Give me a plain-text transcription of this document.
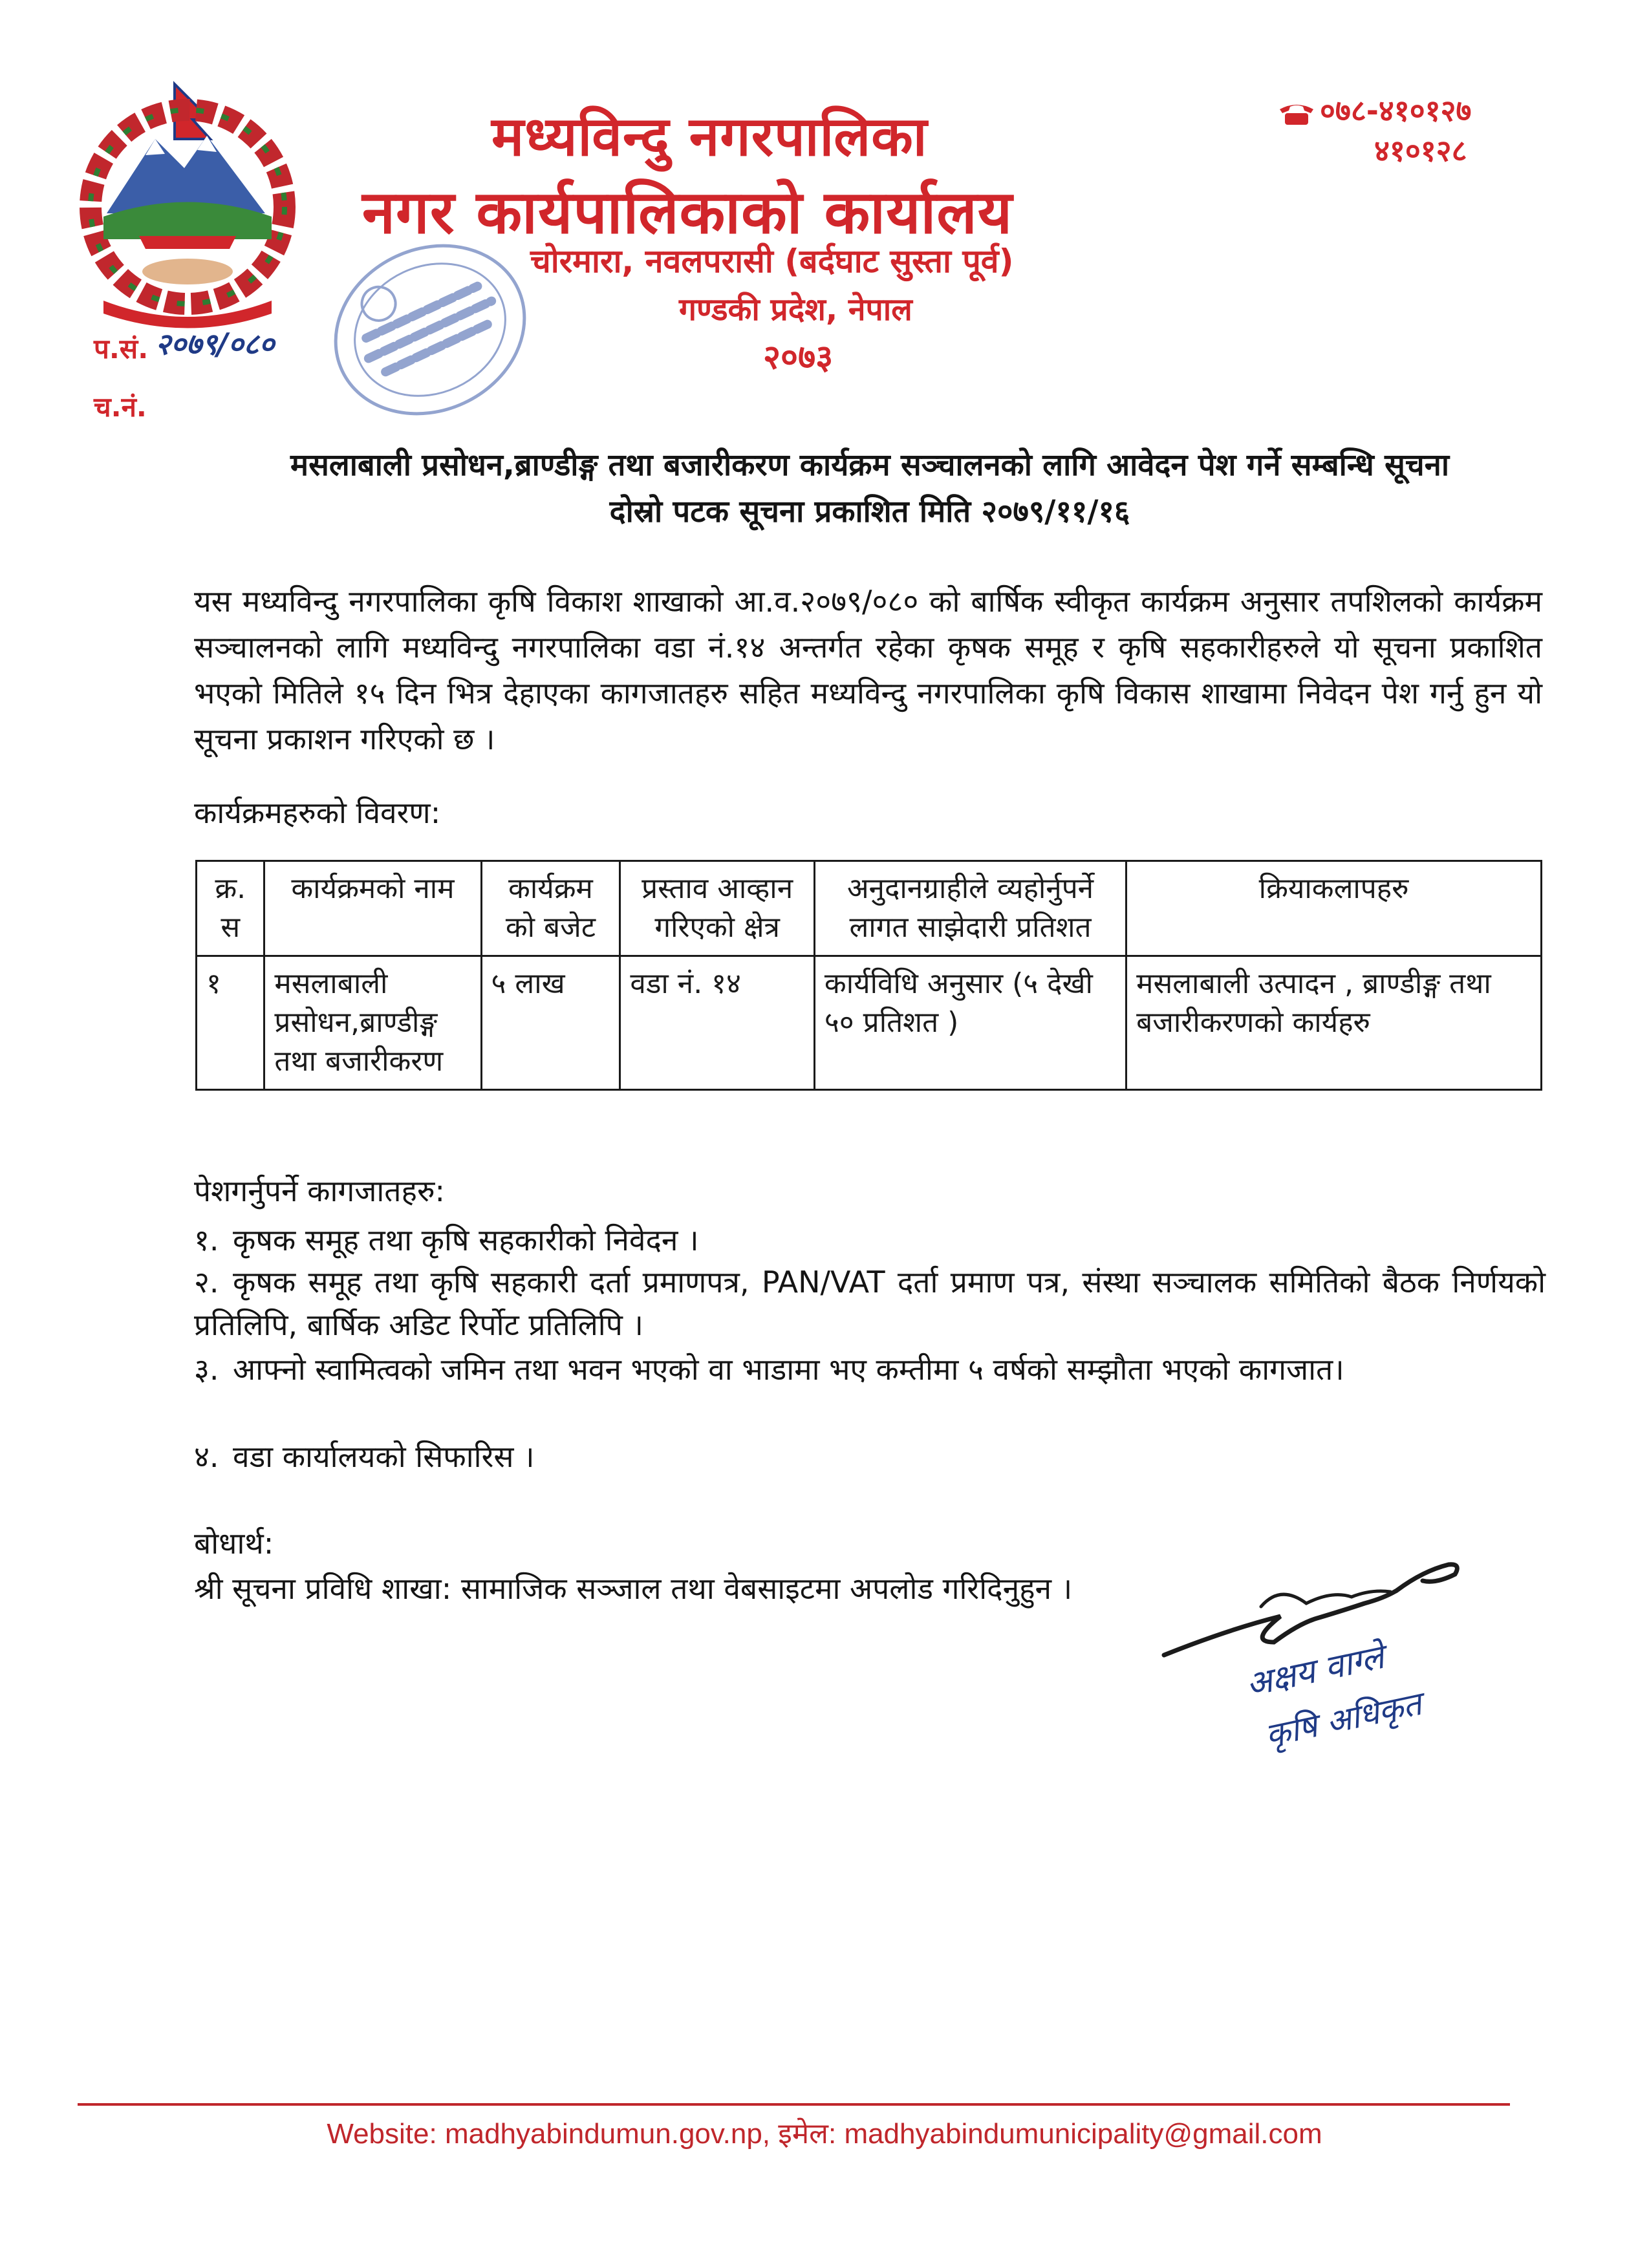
मध्यविन्दु नगरपालिका
नगर कार्यपालिकाको कार्यालय
चोरमारा, नवलपरासी (बर्दघाट सुस्ता पूर्व)
गण्डकी प्रदेश, नेपाल
२०७३
०७८-४१०१२७
४१०१२८
प.सं. २०७९/०८०
च.नं.
मसलाबाली प्रसोधन,ब्राण्डीङ्ग तथा बजारीकरण कार्यक्रम सञ्चालनको लागि आवेदन पेश गर्ने सम्बन्धि सूचना
दोस्रो पटक सूचना प्रकाशित मिति २०७९/११/१६
यस मध्यविन्दु नगरपालिका कृषि विकाश शाखाको आ.व.२०७९/०८० को बार्षिक स्वीकृत कार्यक्रम अनुसार तपशिलको कार्यक्रम सञ्चालनको लागि मध्यविन्दु नगरपालिका वडा नं.१४ अन्तर्गत रहेका कृषक समूह र कृषि सहकारीहरुले यो सूचना प्रकाशित भएको मितिले १५ दिन भित्र देहाएका कागजातहरु सहित मध्यविन्दु नगरपालिका कृषि विकास शाखामा निवेदन पेश गर्नु हुन यो सूचना प्रकाशन गरिएको छ ।
कार्यक्रमहरुको विवरण:
क्र. स	कार्यक्रमको नाम	कार्यक्रम को बजेट	प्रस्ताव आव्हान गरिएको क्षेत्र	अनुदानग्राहीले व्यहोर्नुपर्ने लागत साझेदारी प्रतिशत	क्रियाकलापहरु
१	मसलाबाली प्रसोधन,ब्राण्डीङ्ग तथा बजारीकरण	५ लाख	वडा नं. १४	कार्यविधि अनुसार (५ देखी ५० प्रतिशत )	मसलाबाली उत्पादन , ब्राण्डीङ्ग तथा बजारीकरणको कार्यहरु
पेशगर्नुपर्ने कागजातहरु:
१. कृषक समूह तथा कृषि सहकारीको निवेदन ।
२. कृषक समूह तथा कृषि सहकारी दर्ता प्रमाणपत्र, PAN/VAT दर्ता प्रमाण पत्र, संस्था सञ्चालक समितिको बैठक निर्णयको प्रतिलिपि, बार्षिक अडिट रिर्पोट प्रतिलिपि ।
३. आफ्नो स्वामित्वको जमिन तथा भवन भएको वा भाडामा भए कम्तीमा ५ वर्षको सम्झौता भएको कागजात।
४. वडा कार्यालयको सिफारिस ।
बोधार्थ:
श्री सूचना प्रविधि शाखा: सामाजिक सञ्जाल तथा वेबसाइटमा अपलोड गरिदिनुहुन ।
अक्षय वाग्ले
कृषि अधिकृत
Website: madhyabindumun.gov.np, इमेल: madhyabindumunicipality@gmail.com
